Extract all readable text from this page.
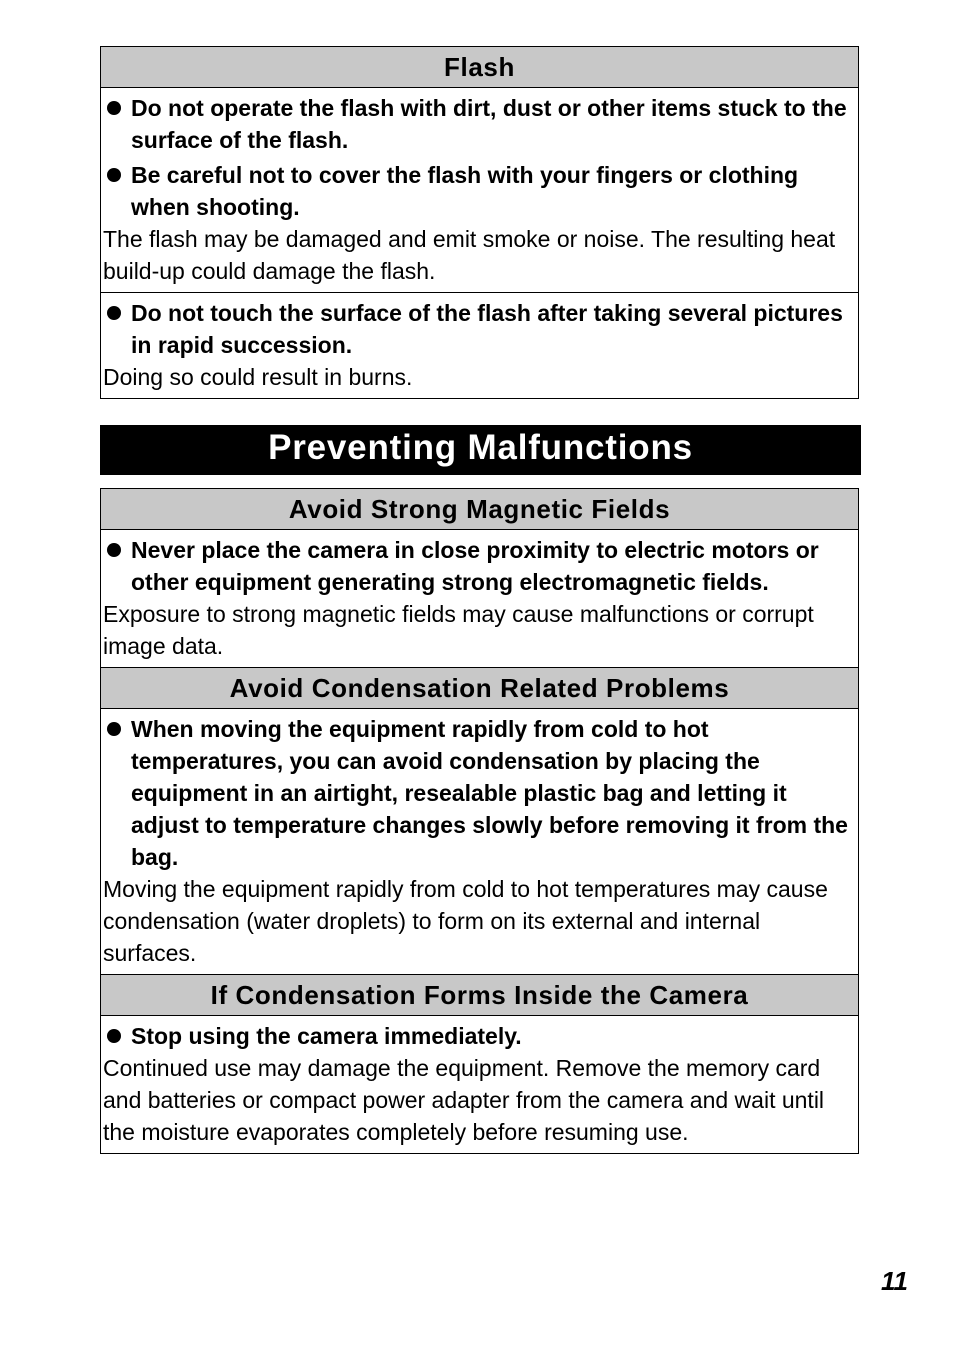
Flash
Do not operate the flash with dirt, dust or other items stuck to the surface of the flash.
Be careful not to cover the flash with your fingers or clothing when shooting.
The flash may be damaged and emit smoke or noise. The resulting heat build-up could damage the flash.
Do not touch the surface of the flash after taking several pictures in rapid succession.
Doing so could result in burns.
Preventing Malfunctions
Avoid Strong Magnetic Fields
Never place the camera in close proximity to electric motors or other equipment generating strong electromagnetic fields.
Exposure to strong magnetic fields may cause malfunctions or corrupt image data.
Avoid Condensation Related Problems
When moving the equipment rapidly from cold to hot temperatures, you can avoid condensation by placing the equipment in an airtight, resealable plastic bag and letting it adjust to temperature changes slowly before removing it from the bag.
Moving the equipment rapidly from cold to hot temperatures may cause condensation (water droplets) to form on its external and internal surfaces.
If Condensation Forms Inside the Camera
Stop using the camera immediately.
Continued use may damage the equipment. Remove the memory card and batteries or compact power adapter from the camera and wait until the moisture evaporates completely before resuming use.
11
